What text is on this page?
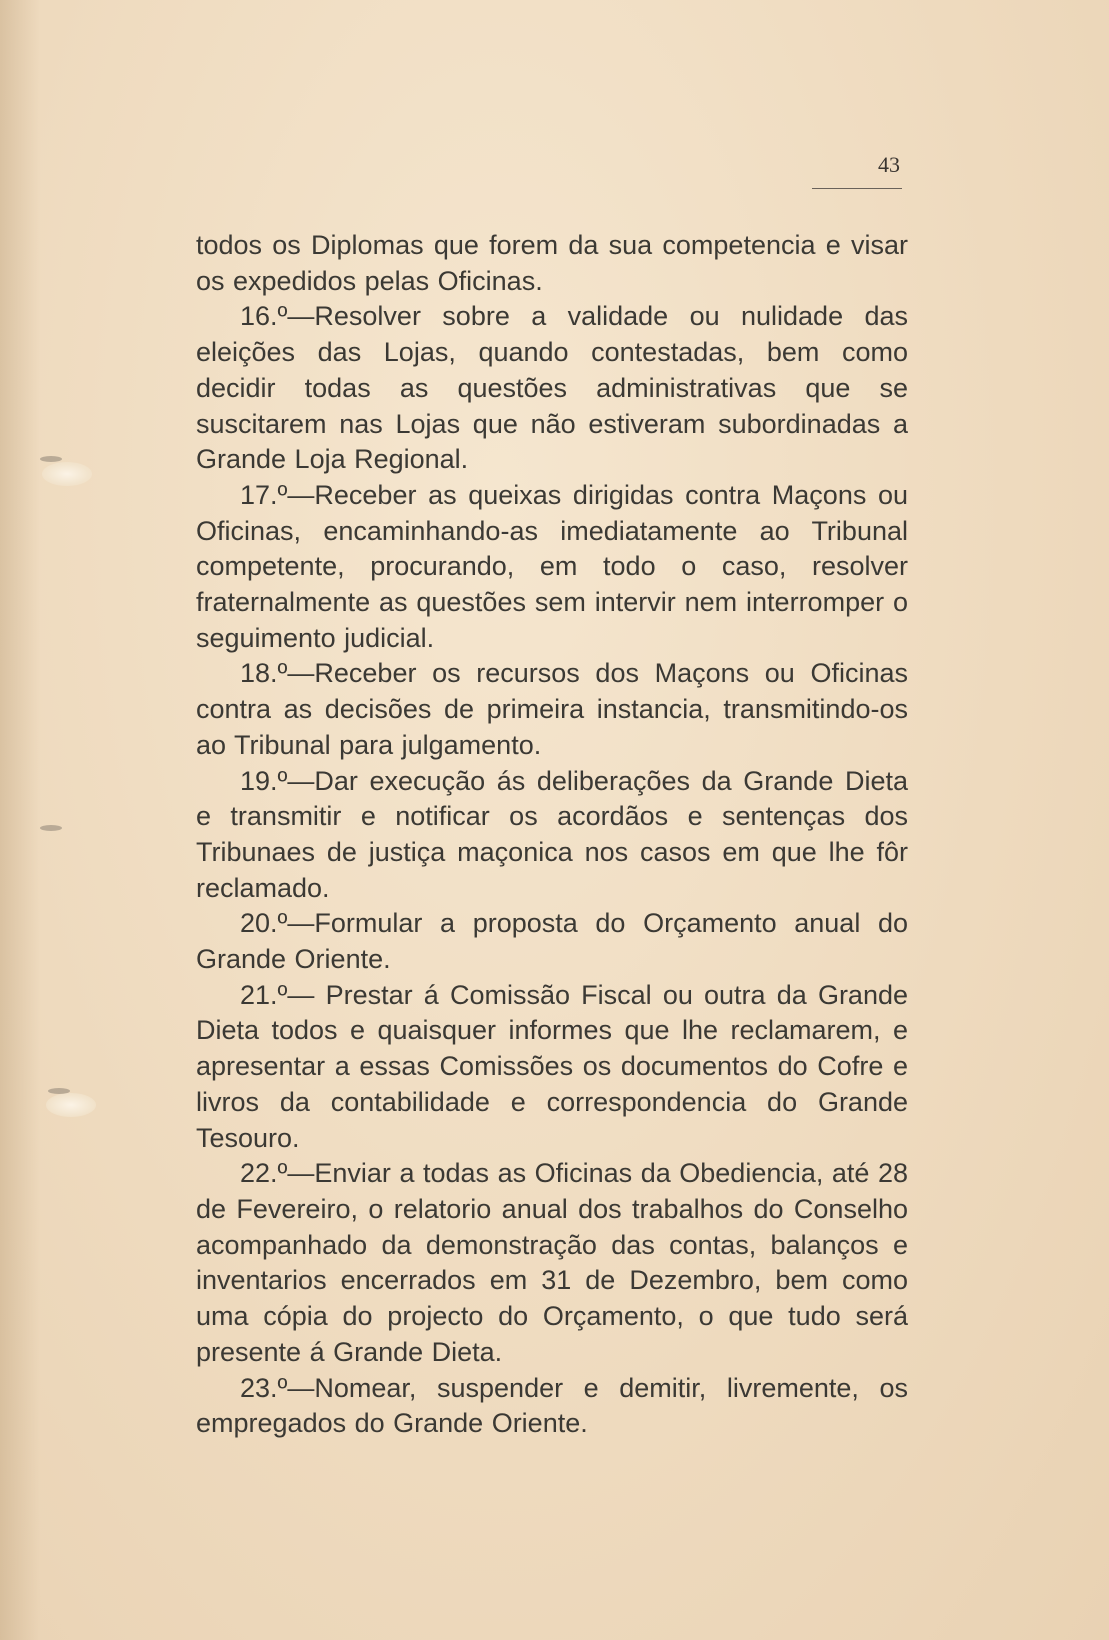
43

todos os Diplomas que forem da sua competencia e visar os expedidos pelas Oficinas.

16.º—Resolver sobre a validade ou nulidade das eleições das Lojas, quando contestadas, bem como decidir todas as questões administrativas que se suscitarem nas Lojas que não estiveram subordinadas a Grande Loja Regional.

17.º—Receber as queixas dirigidas contra Maçons ou Oficinas, encaminhando-as imediatamente ao Tribunal competente, procurando, em todo o caso, resolver fraternalmente as questões sem intervir nem interromper o seguimento judicial.

18.º—Receber os recursos dos Maçons ou Oficinas contra as decisões de primeira instancia, transmitindo-os ao Tribunal para julgamento.

19.º—Dar execução ás deliberações da Grande Dieta e transmitir e notificar os acordãos e sentenças dos Tribunaes de justiça maçonica nos casos em que lhe fôr reclamado.

20.º—Formular a proposta do Orçamento anual do Grande Oriente.

21.º— Prestar á Comissão Fiscal ou outra da Grande Dieta todos e quaisquer informes que lhe reclamarem, e apresentar a essas Comissões os documentos do Cofre e livros da contabilidade e correspondencia do Grande Tesouro.

22.º—Enviar a todas as Oficinas da Obediencia, até 28 de Fevereiro, o relatorio anual dos trabalhos do Conselho acompanhado da demonstração das contas, balanços e inventarios encerrados em 31 de Dezembro, bem como uma cópia do projecto do Orçamento, o que tudo será presente á Grande Dieta.

23.º—Nomear, suspender e demitir, livremente, os empregados do Grande Oriente.
